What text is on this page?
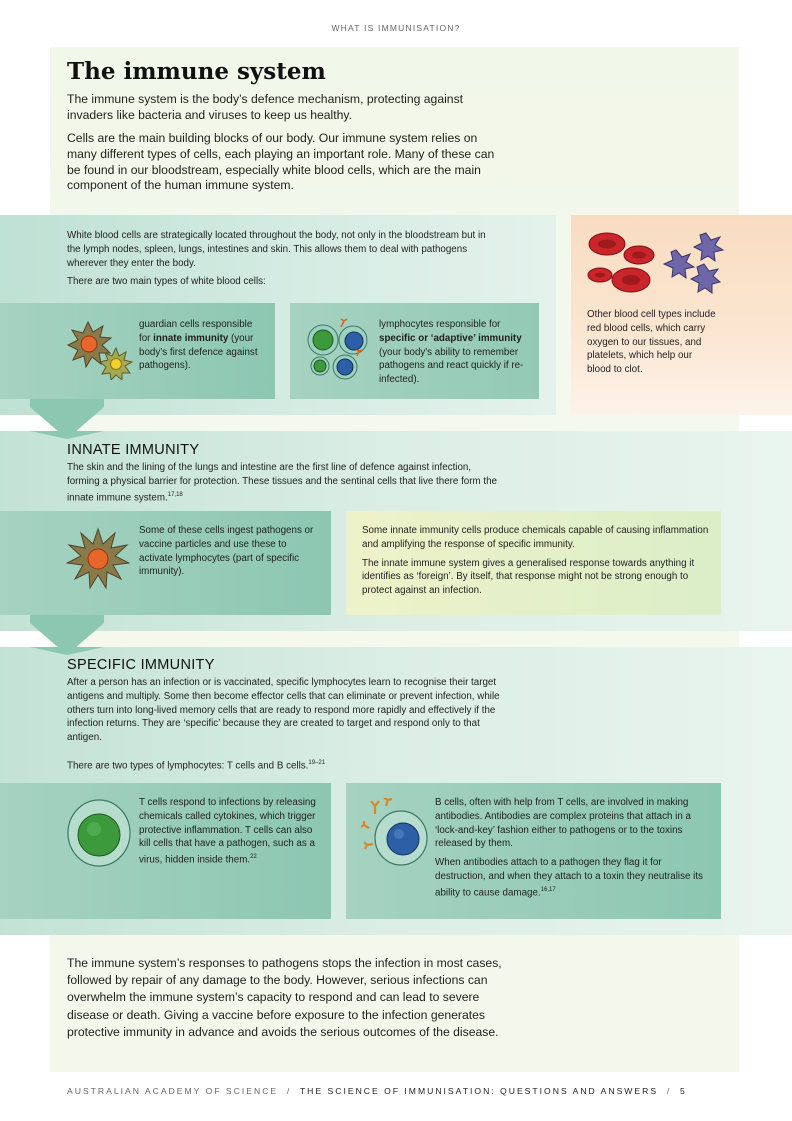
WHAT IS IMMUNISATION?
The immune system

The immune system is the body’s defence mechanism, protecting against invaders like bacteria and viruses to keep us healthy.

Cells are the main building blocks of our body. Our immune system relies on many different types of cells, each playing an important role. Many of these can be found in our bloodstream, especially white blood cells, which are the main component of the human immune system.

White blood cells are strategically located throughout the body, not only in the bloodstream but in the lymph nodes, spleen, lungs, intestines and skin. This allows them to deal with pathogens wherever they enter the body.

There are two main types of white blood cells:

guardian cells responsible for innate immunity (your body’s first defence against pathogens).

lymphocytes responsible for specific or ‘adaptive’ immunity (your body's ability to remember pathogens and react quickly if re-infected).

Other blood cell types include red blood cells, which carry oxygen to our tissues, and platelets, which help our blood to clot.

INNATE IMMUNITY

The skin and the lining of the lungs and intestine are the first line of defence against infection, forming a physical barrier for protection. These tissues and the sentinal cells that live there form the innate immune system.$^{17,18}$

Some of these cells ingest pathogens or vaccine particles and use these to activate lymphocytes (part of specific immunity).

Some innate immunity cells produce chemicals capable of causing inflammation and amplifying the response of specific immunity.

The innate immune system gives a generalised response towards anything it identifies as ‘foreign’. By itself, that response might not be strong enough to protect against an infection.

SPECIFIC IMMUNITY

After a person has an infection or is vaccinated, specific lymphocytes learn to recognise their target antigens and multiply. Some then become effector cells that can eliminate or prevent infection, while others turn into long-lived memory cells that are ready to respond more rapidly and effectively if the infection returns. They are ‘specific’ because they are created to target and respond only to that antigen.

There are two types of lymphocytes: T cells and B cells.$^{19-21}$

T cells respond to infections by releasing chemicals called cytokines, which trigger protective inflammation. T cells can also kill cells that have a pathogen, such as a virus, hidden inside them.$^{22}$

B cells, often with help from T cells, are involved in making antibodies. Antibodies are complex proteins that attach in a ‘lock-and-key’ fashion either to pathogens or to the toxins released by them.

When antibodies attach to a pathogen they flag it for destruction, and when they attach to a toxin they neutralise its ability to cause damage.$^{16,17}$

The immune system’s responses to pathogens stops the infection in most cases, followed by repair of any damage to the body. However, serious infections can overwhelm the immune system’s capacity to respond and can lead to severe disease or death. Giving a vaccine before exposure to the infection generates protective immunity in advance and avoids the serious outcomes of the disease.

AUSTRALIAN ACADEMY OF SCIENCE / THE SCIENCE OF IMMUNISATION: QUESTIONS AND ANSWERS / 5
